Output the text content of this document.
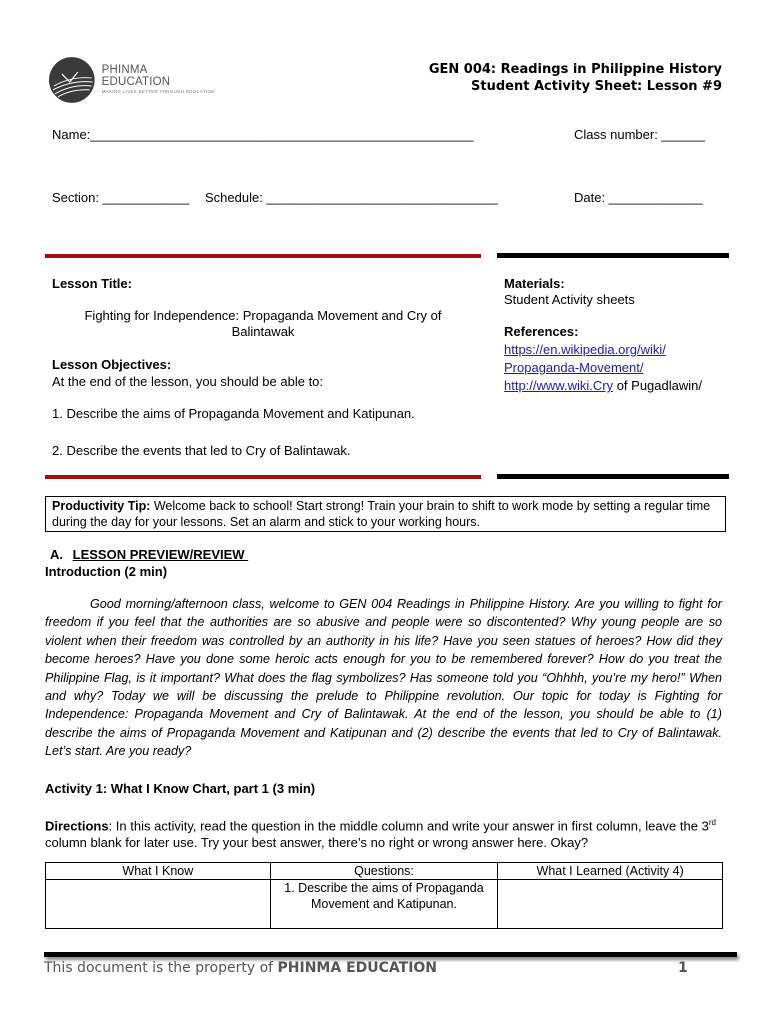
PHINMA EDUCATION
MAKING LIVES BETTER THROUGH EDUCATION
GEN 004: Readings in Philippine History
Student Activity Sheet: Lesson #9
Name:_____________________________________________________	Class number: ______
Section: ____________ Schedule: ________________________________	Date: _____________
Lesson Title:
Fighting for Independence: Propaganda Movement and Cry of
Balintawak
Lesson Objectives:
At the end of the lesson, you should be able to:
1. Describe the aims of Propaganda Movement and Katipunan.
2. Describe the events that led to Cry of Balintawak.
Materials:
Student Activity sheets
References:
https://en.wikipedia.org/wiki/
Propaganda-Movement/
http://www.wiki.Cry of Pugadlawin/
Productivity Tip: Welcome back to school! Start strong! Train your brain to shift to work mode by setting a regular time during the day for your lessons. Set an alarm and stick to your working hours.
A. LESSON PREVIEW/REVIEW
Introduction (2 min)
Good morning/afternoon class, welcome to GEN 004 Readings in Philippine History. Are you willing to fight for freedom if you feel that the authorities are so abusive and people were so discontented? Why young people are so violent when their freedom was controlled by an authority in his life? Have you seen statues of heroes? How did they become heroes? Have you done some heroic acts enough for you to be remembered forever? How do you treat the Philippine Flag, is it important? What does the flag symbolizes? Has someone told you “Ohhhh, you’re my hero!” When and why? Today we will be discussing the prelude to Philippine revolution. Our topic for today is Fighting for Independence: Propaganda Movement and Cry of Balintawak. At the end of the lesson, you should be able to (1) describe the aims of Propaganda Movement and Katipunan and (2) describe the events that led to Cry of Balintawak. Let’s start. Are you ready?
Activity 1: What I Know Chart, part 1 (3 min)
Directions: In this activity, read the question in the middle column and write your answer in first column, leave the 3rd column blank for later use. Try your best answer, there’s no right or wrong answer here. Okay?
What I Know	Questions:	What I Learned (Activity 4)
	1. Describe the aims of Propaganda Movement and Katipunan.	
This document is the property of PHINMA EDUCATION	1
